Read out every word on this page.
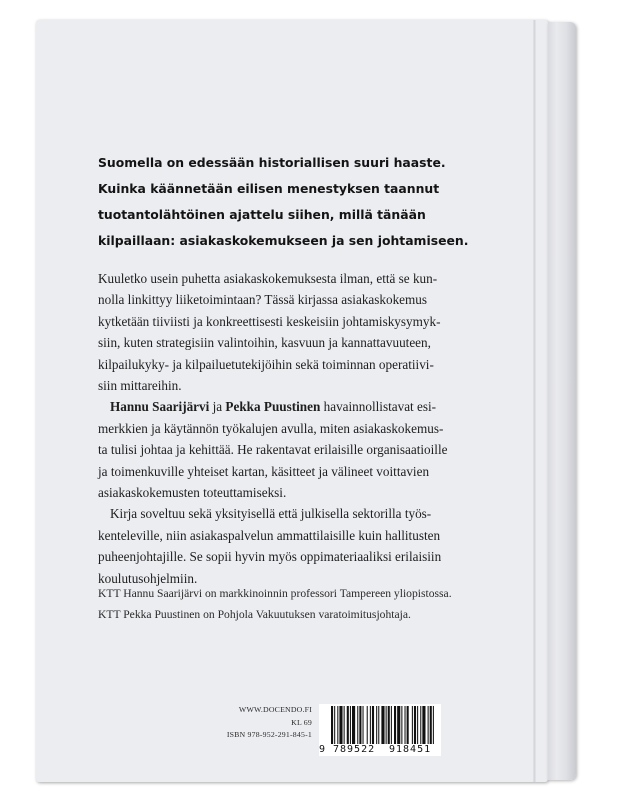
Suomella on edessään historiallisen suuri haaste.
Kuinka käännetään eilisen menestyksen taannut
tuotantolähtöinen ajattelu siihen, millä tänään
kilpaillaan: asiakaskokemukseen ja sen johtamiseen.
Kuuletko usein puhetta asiakaskokemuksesta ilman, että se kun-
nolla linkittyy liiketoimintaan? Tässä kirjassa asiakaskokemus
kytketään tiiviisti ja konkreettisesti keskeisiin johtamiskysymyk-
siin, kuten strategisiin valintoihin, kasvuun ja kannattavuuteen,
kilpailukyky- ja kilpailuetutekijöihin sekä toiminnan operatiivi-
siin mittareihin.
Hannu Saarijärvi ja Pekka Puustinen havainnollistavat esi-
merkkien ja käytännön työkalujen avulla, miten asiakaskokemus-
ta tulisi johtaa ja kehittää. He rakentavat erilaisille organisaatioille
ja toimenkuville yhteiset kartan, käsitteet ja välineet voittavien
asiakaskokemusten toteuttamiseksi.
Kirja soveltuu sekä yksityisellä että julkisella sektorilla työs-
kenteleville, niin asiakaspalvelun ammattilaisille kuin hallitusten
puheenjohtajille. Se sopii hyvin myös oppimateriaaliksi erilaisiin
koulutusohjelmiin.
KTT Hannu Saarijärvi on markkinoinnin professori Tampereen yliopistossa.
KTT Pekka Puustinen on Pohjola Vakuutuksen varatoimitusjohtaja.
WWW.DOCENDO.FI
KL 69
ISBN 978-952-291-845-1
9 789522 918451
